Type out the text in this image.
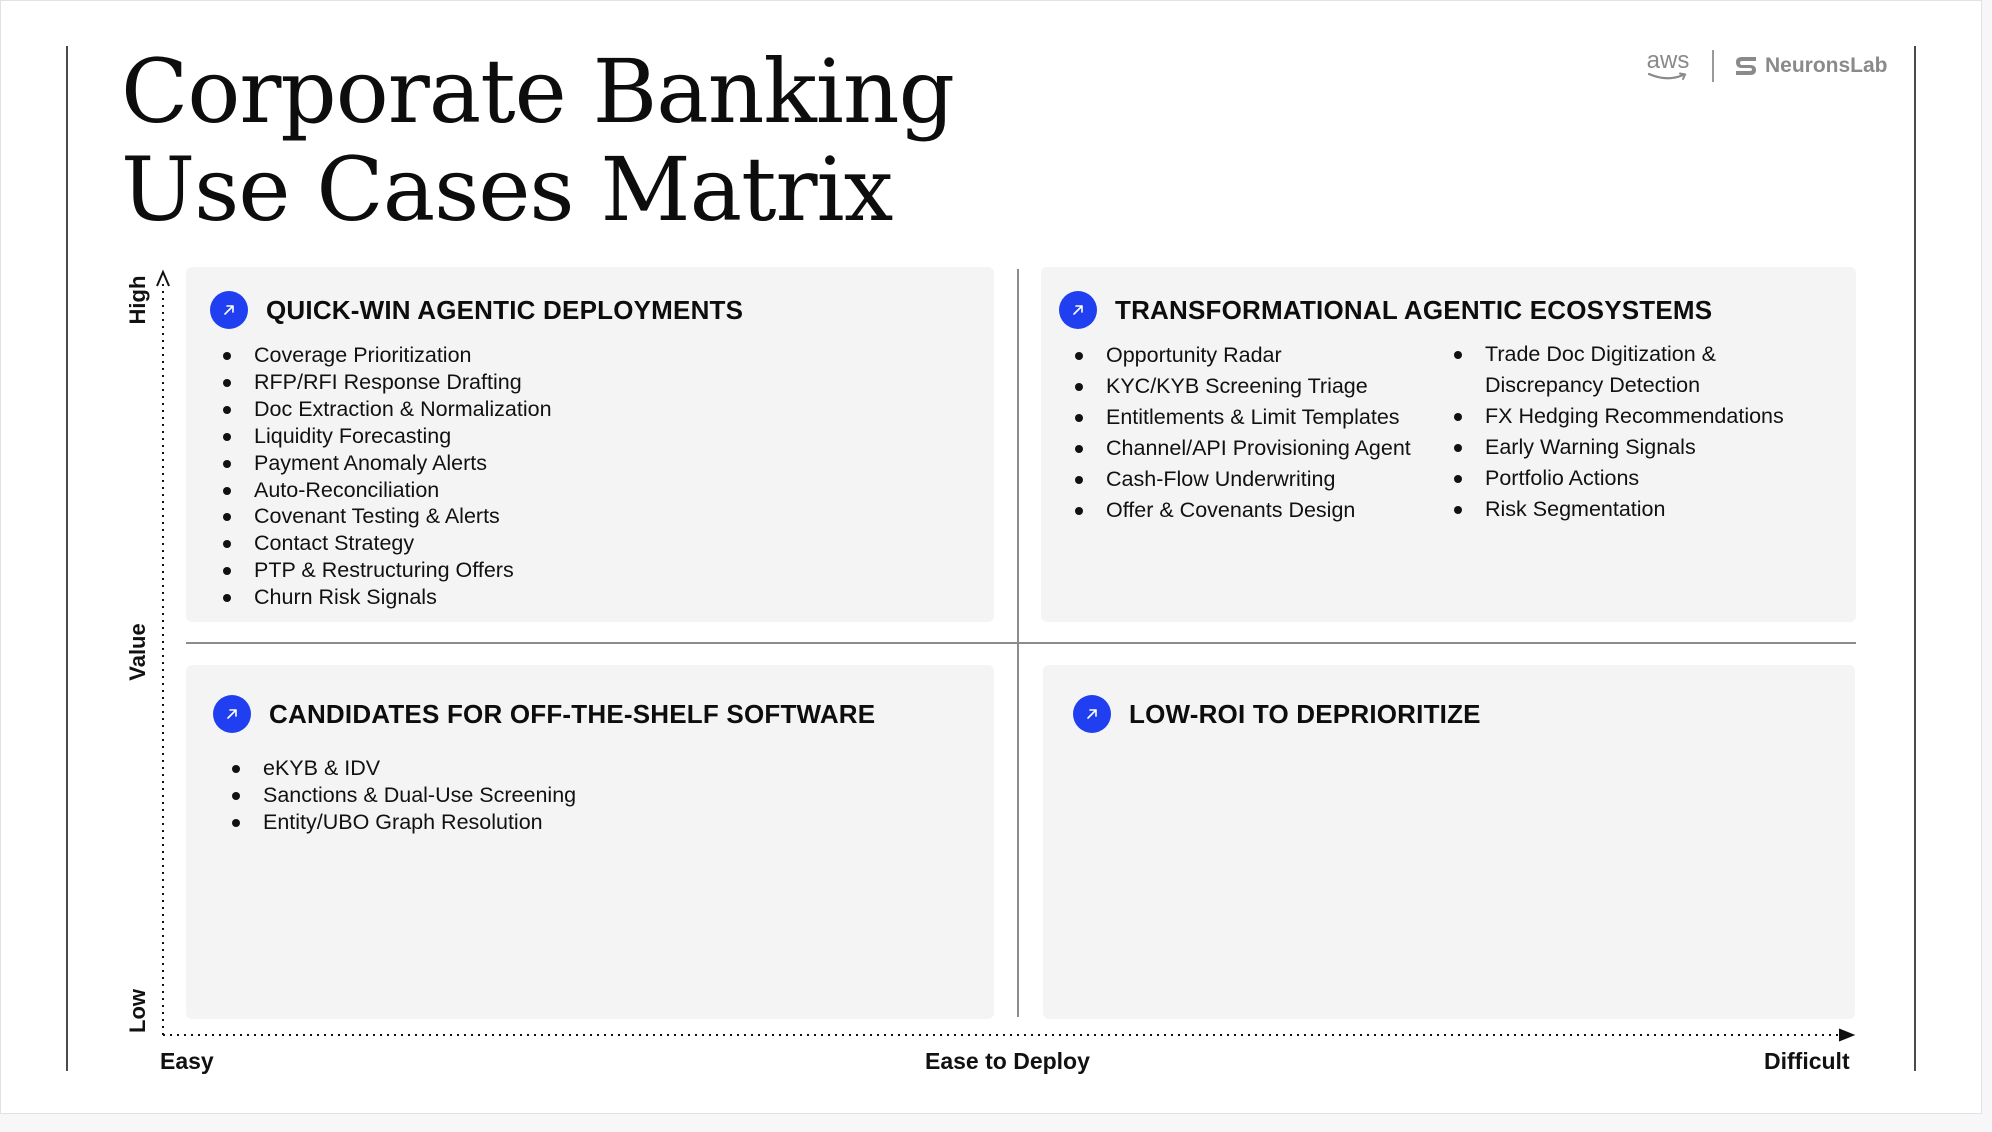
Corporate Banking
Use Cases Matrix
aws	NeuronsLab
QUICK-WIN AGENTIC DEPLOYMENTS
Coverage Prioritization
RFP/RFI Response Drafting
Doc Extraction & Normalization
Liquidity Forecasting
Payment Anomaly Alerts
Auto-Reconciliation
Covenant Testing & Alerts
Contact Strategy
PTP & Restructuring Offers
Churn Risk Signals
TRANSFORMATIONAL AGENTIC ECOSYSTEMS
Opportunity Radar
KYC/KYB Screening Triage
Entitlements & Limit Templates
Channel/API Provisioning Agent
Cash-Flow Underwriting
Offer & Covenants Design
Trade Doc Digitization &
Discrepancy Detection
FX Hedging Recommendations
Early Warning Signals
Portfolio Actions
Risk Segmentation
CANDIDATES FOR OFF-THE-SHELF SOFTWARE
eKYB & IDV
Sanctions & Dual-Use Screening
Entity/UBO Graph Resolution
LOW-ROI TO DEPRIORITIZE
High
Value
Low
Easy	Ease to Deploy	Difficult
